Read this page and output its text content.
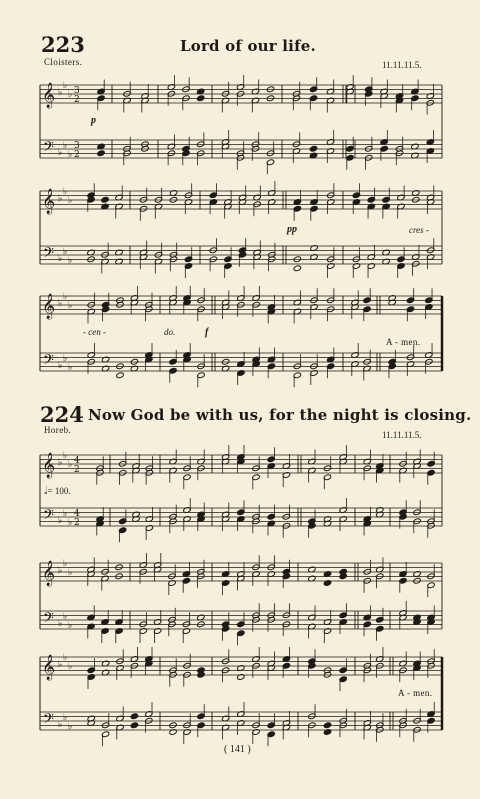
223	Lord of our life.
Cloisters.	11.11.11.5.
p
pp	cres -
- cen -	do.	f
A - men.
224 Now God be with us, for the night is closing.
Horeb.	11.11.11.5.
𝅗𝅥= 100.
A - men.
( 141 )
𝄞
𝄢
♭
♭
♭
♭
♭
♭
3
2
3
2
𝄞
𝄢
♭
♭
♭
♭
♭
♭
𝄞
𝄢
♭
♭
♭
♭
♭
♭
𝄞
𝄢
♭
♭
♭
♭
♭
♭
4
2
4
2
𝄞
𝄢
♭
♭
♭
♭
♭
♭
𝄞
𝄢
♭
♭
♭
♭
♭
♭
